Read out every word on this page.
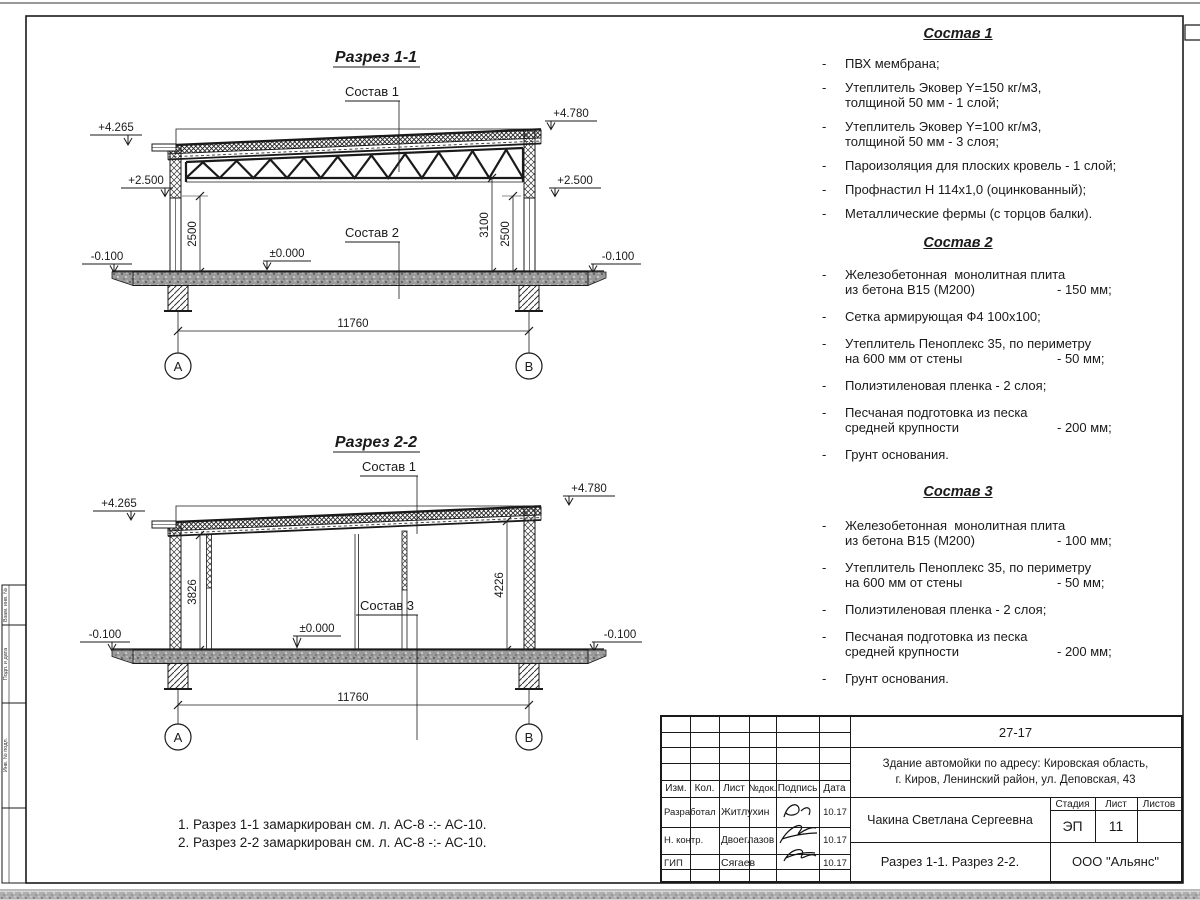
Взам. инв. №
Подп. и дата
Инв. № подл.
Разрез 1-1
+4.265
+4.780
+2.500	+2.500
-0.100	-0.100
±0.000
2500	3100 2500
11760
А	В
Состав 1
Состав 2
Разрез 2-2
+4.265
+4.780
-0.100	±0.000	-0.100
3826	4226
11760
А	В
Состав 1
Состав 3
Состав 1
-	ПВХ мембрана;
-	Утеплитель Эковер Y=150 кг/м3,
толщиной 50 мм - 1 слой;
-	Утеплитель Эковер Y=100 кг/м3,
толщиной 50 мм - 3 слоя;
-	Пароизоляция для плоских кровель - 1 слой;
-	Профнастил Н 114х1,0 (оцинкованный);
-	Металлические фермы (с торцов балки).
Состав 2
-	Железобетонная  монолитная плита
из бетона В15 (М200)	- 150 мм;
-	Сетка армирующая Ф4 100х100;
-	Утеплитель Пеноплекс 35, по периметру
на 600 мм от стены	- 50 мм;
-	Полиэтиленовая пленка - 2 слоя;
-	Песчаная подготовка из песка
средней крупности	- 200 мм;
-	Грунт основания.
Состав 3
-	Железобетонная  монолитная плита
из бетона В15 (М200)	- 100 мм;
-	Утеплитель Пеноплекс 35, по периметру
на 600 мм от стены	- 50 мм;
-	Полиэтиленовая пленка - 2 слоя;
-	Песчаная подготовка из песка
средней крупности	- 200 мм;
-	Грунт основания.
1. Разрез 1-1 замаркирован см. л. АС-8 -:- АС-10.
2. Разрез 2-2 замаркирован см. л. АС-8 -:- АС-10.
27-17
Здание автомойки по адресу: Кировская область,
г. Киров, Ленинский район, ул. Деповская, 43
Изм. Кол. Лист №док. Подпись Дата
Разработал Житлухин	10.17
Н. контр.	Двоеглазов	10.17
ГИП	Сягаев	10.17
Чакина Светлана Сергеевна
Стадия	Лист	Листов
ЭП	11
Разрез 1-1. Разрез 2-2.	ООО "Альянс"
